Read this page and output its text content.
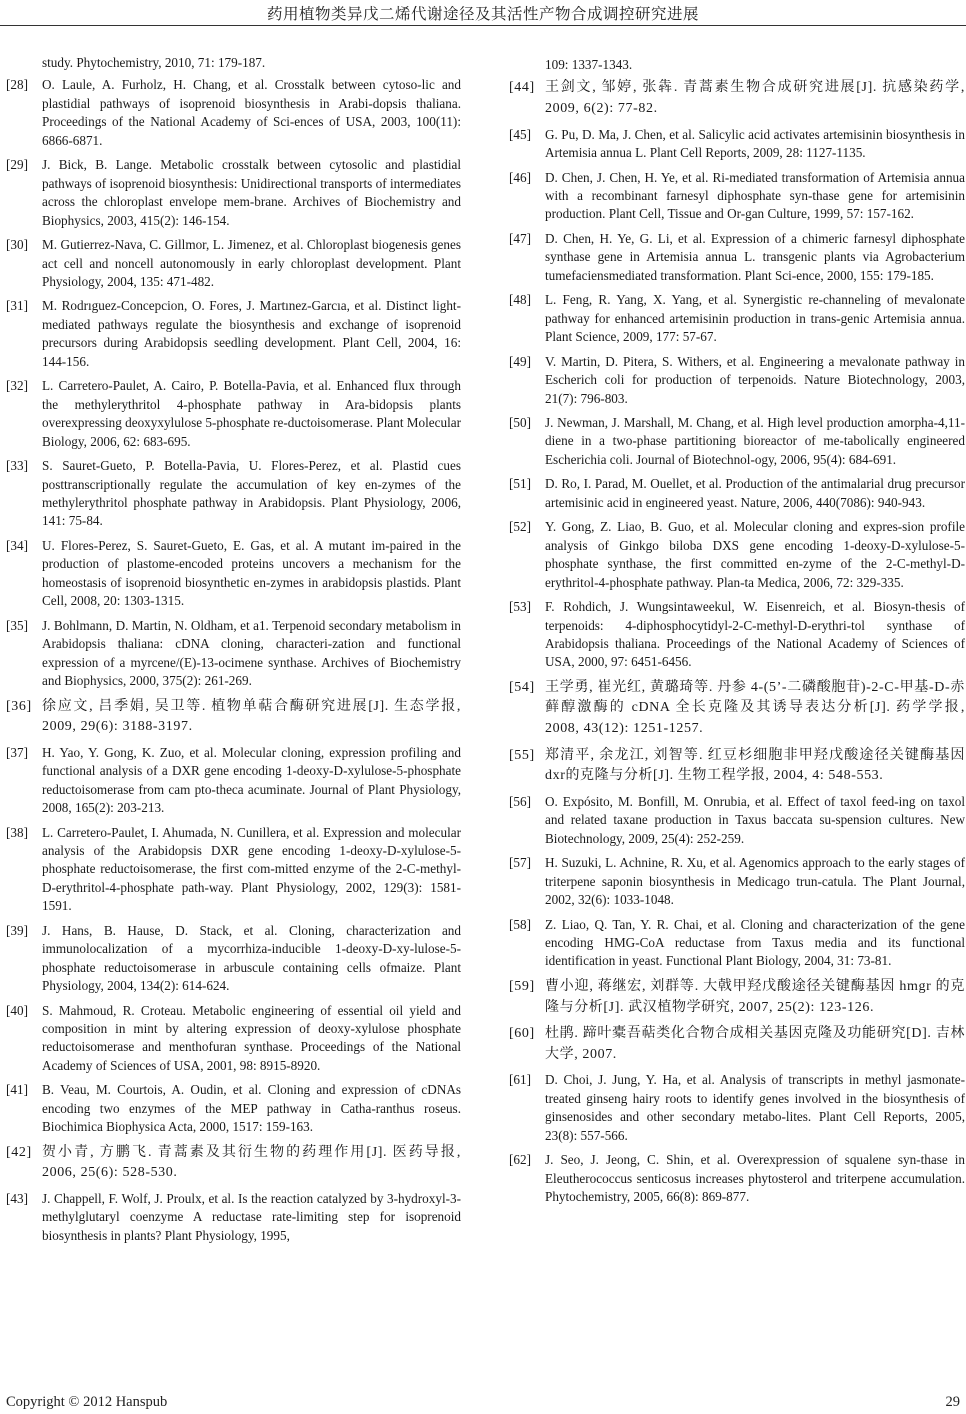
药用植物类异戊二烯代谢途径及其活性产物合成调控研究进展
study. Phytochemistry, 2010, 71: 179-187.
[28] O. Laule, A. Furholz, H. Chang, et al. Crosstalk between cytoso-lic and plastidial pathways of isoprenoid biosynthesis in Arabi-dopsis thaliana. Proceedings of the National Academy of Sci-ences of USA, 2003, 100(11): 6866-6871.
[29] J. Bick, B. Lange. Metabolic crosstalk between cytosolic and plastidial pathways of isoprenoid biosynthesis: Unidirectional transports of intermediates across the chloroplast envelope mem-brane. Archives of Biochemistry and Biophysics, 2003, 415(2): 146-154.
[30] M. Gutierrez-Nava, C. Gillmor, L. Jimenez, et al. Chloroplast biogenesis genes act cell and noncell autonomously in early chloroplast development. Plant Physiology, 2004, 135: 471-482.
[31] M. Rodrıguez-Concepcion, O. Fores, J. Martınez-Garcıa, et al. Distinct light-mediated pathways regulate the biosynthesis and exchange of isoprenoid precursors during Arabidopsis seedling development. Plant Cell, 2004, 16: 144-156.
[32] L. Carretero-Paulet, A. Cairo, P. Botella-Pavia, et al. Enhanced flux through the methylerythritol 4-phosphate pathway in Ara-bidopsis plants overexpressing deoxyxylulose 5-phosphate re-ductoisomerase. Plant Molecular Biology, 2006, 62: 683-695.
[33] S. Sauret-Gueto, P. Botella-Pavia, U. Flores-Perez, et al. Plastid cues posttranscriptionally regulate the accumulation of key en-zymes of the methylerythritol phosphate pathway in Arabidopsis. Plant Physiology, 2006, 141: 75-84.
[34] U. Flores-Perez, S. Sauret-Gueto, E. Gas, et al. A mutant im-paired in the production of plastome-encoded proteins uncovers a mechanism for the homeostasis of isoprenoid biosynthetic en-zymes in arabidopsis plastids. Plant Cell, 2008, 20: 1303-1315.
[35] J. Bohlmann, D. Martin, N. Oldham, et a1. Terpenoid secondary metabolism in Arabidopsis thaliana: cDNA cloning, characteri-zation and functional expression of a myrcene/(E)-13-ocimene synthase. Archives of Biochemistry and Biophysics, 2000, 375(2): 261-269.
[36] 徐应文, 吕季娟, 吴卫等. 植物单萜合酶研究进展[J]. 生态学报, 2009, 29(6): 3188-3197.
[37] H. Yao, Y. Gong, K. Zuo, et al. Molecular cloning, expression profiling and functional analysis of a DXR gene encoding 1-deoxy-D-xylulose-5-phosphate reductoisomerase from cam pto-theca acuminate. Journal of Plant Physiology, 2008, 165(2): 203-213.
[38] L. Carretero-Paulet, I. Ahumada, N. Cunillera, et al. Expression and molecular analysis of the Arabidopsis DXR gene encoding 1-deoxy-D-xylulose-5-phosphate reductoisomerase, the first com-mitted enzyme of the 2-C-methyl-D-erythritol-4-phosphate path-way. Plant Physiology, 2002, 129(3): 1581-1591.
[39] J. Hans, B. Hause, D. Stack, et al. Cloning, characterization and immunolocalization of a mycorrhiza-inducible 1-deoxy-D-xy-lulose-5-phosphate reductoisomerase in arbuscule containing cells ofmaize. Plant Physiology, 2004, 134(2): 614-624.
[40] S. Mahmoud, R. Croteau. Metabolic engineering of essential oil yield and composition in mint by altering expression of deoxy-xylulose phosphate reductoisomerase and menthofuran synthase. Proceedings of the National Academy of Sciences of USA, 2001, 98: 8915-8920.
[41] B. Veau, M. Courtois, A. Oudin, et al. Cloning and expression of cDNAs encoding two enzymes of the MEP pathway in Catha-ranthus roseus. Biochimica Biophysica Acta, 2000, 1517: 159-163.
[42] 贺小青, 方鹏飞. 青蒿素及其衍生物的药理作用[J]. 医药导报, 2006, 25(6): 528-530.
[43] J. Chappell, F. Wolf, J. Proulx, et al. Is the reaction catalyzed by 3-hydroxyl-3-methylglutaryl coenzyme A reductase rate-limiting step for isoprenoid biosynthesis in plants? Plant Physiology, 1995,
109: 1337-1343.
[44] 王剑文, 邹婷, 张犇. 青蒿素生物合成研究进展[J]. 抗感染药学, 2009, 6(2): 77-82.
[45] G. Pu, D. Ma, J. Chen, et al. Salicylic acid activates artemisinin biosynthesis in Artemisia annua L. Plant Cell Reports, 2009, 28: 1127-1135.
[46] D. Chen, J. Chen, H. Ye, et al. Ri-mediated transformation of Artemisia annua with a recombinant farnesyl diphosphate syn-thase gene for artemisinin production. Plant Cell, Tissue and Or-gan Culture, 1999, 57: 157-162.
[47] D. Chen, H. Ye, G. Li, et al. Expression of a chimeric farnesyl diphosphate synthase gene in Artemisia annua L. transgenic plants via Agrobacterium tumefaciensmediated transformation. Plant Sci-ence, 2000, 155: 179-185.
[48] L. Feng, R. Yang, X. Yang, et al. Synergistic re-channeling of mevalonate pathway for enhanced artemisinin production in trans-genic Artemisia annua. Plant Science, 2009, 177: 57-67.
[49] V. Martin, D. Pitera, S. Withers, et al. Engineering a mevalonate pathway in Escherich coli for production of terpenoids. Nature Biotechnology, 2003, 21(7): 796-803.
[50] J. Newman, J. Marshall, M. Chang, et al. High level production amorpha-4,11-diene in a two-phase partitioning bioreactor of me-tabolically engineered Escherichia coli. Journal of Biotechnol-ogy, 2006, 95(4): 684-691.
[51] D. Ro, I. Parad, M. Ouellet, et al. Production of the antimalarial drug precursor artemisinic acid in engineered yeast. Nature, 2006, 440(7086): 940-943.
[52] Y. Gong, Z. Liao, B. Guo, et al. Molecular cloning and expres-sion profile analysis of Ginkgo biloba DXS gene encoding 1-deoxy-D-xylulose-5-phosphate synthase, the first committed en-zyme of the 2-C-methyl-D-erythritol-4-phosphate pathway. Plan-ta Medica, 2006, 72: 329-335.
[53] F. Rohdich, J. Wungsintaweekul, W. Eisenreich, et al. Biosyn-thesis of terpenoids: 4-diphosphocytidyl-2-C-methyl-D-erythri-tol synthase of Arabidopsis thaliana. Proceedings of the National Academy of Sciences of USA, 2000, 97: 6451-6456.
[54] 王学勇, 崔光红, 黄璐琦等. 丹参 4-(5’-二磷酸胞苷)-2-C-甲基-D-赤藓醇激酶的 cDNA 全长克隆及其诱导表达分析[J]. 药学学报, 2008, 43(12): 1251-1257.
[55] 郑清平, 余龙江, 刘智等. 红豆杉细胞非甲羟戊酸途径关键酶基因 dxr的克隆与分析[J]. 生物工程学报, 2004, 4: 548-553.
[56] O. Expósito, M. Bonfill, M. Onrubia, et al. Effect of taxol feed-ing on taxol and related taxane production in Taxus baccata su-spension cultures. New Biotechnology, 2009, 25(4): 252-259.
[57] H. Suzuki, L. Achnine, R. Xu, et al. Agenomics approach to the early stages of triterpene saponin biosynthesis in Medicago trun-catula. The Plant Journal, 2002, 32(6): 1033-1048.
[58] Z. Liao, Q. Tan, Y. R. Chai, et al. Cloning and characterization of the gene encoding HMG-CoA reductase from Taxus media and its functional identification in yeast. Functional Plant Biology, 2004, 31: 73-81.
[59] 曹小迎, 蒋继宏, 刘群等. 大戟甲羟戊酸途径关键酶基因 hmgr 的克隆与分析[J]. 武汉植物学研究, 2007, 25(2): 123-126.
[60] 杜鹃. 蹄叶橐吾萜类化合物合成相关基因克隆及功能研究[D]. 吉林大学, 2007.
[61] D. Choi, J. Jung, Y. Ha, et al. Analysis of transcripts in methyl jasmonate-treated ginseng hairy roots to identify genes involved in the biosynthesis of ginsenosides and other secondary metabo-lites. Plant Cell Reports, 2005, 23(8): 557-566.
[62] J. Seo, J. Jeong, C. Shin, et al. Overexpression of squalene syn-thase in Eleutherococcus senticosus increases phytosterol and triterpene accumulation. Phytochemistry, 2005, 66(8): 869-877.
Copyright © 2012 Hanspub	29
